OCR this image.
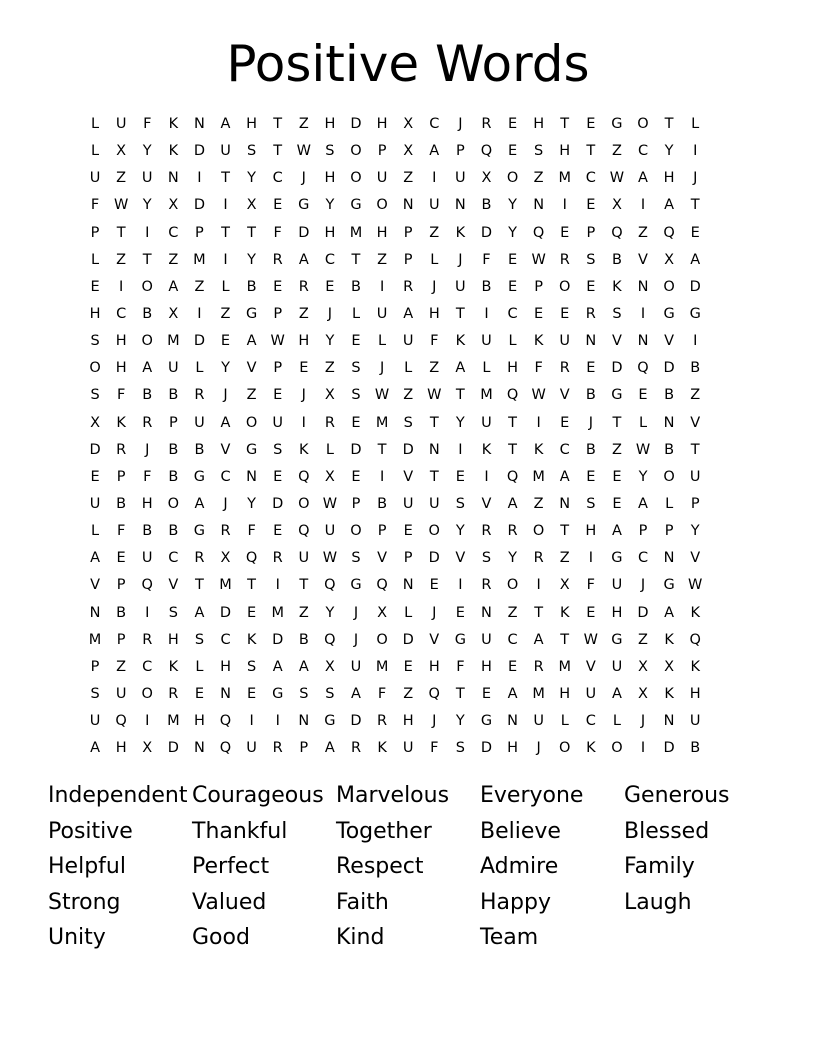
Positive Words
L U F K N A H T Z H D H X C J R E H T E G O T L
L X Y K D U S T W S O P X A P Q E S H T Z C Y I
U Z U N I T Y C J H O U Z I U X O Z M C W A H J
F W Y X D I X E G Y G O N U N B Y N I E X I A T
P T I C P T T F D H M H P Z K D Y Q E P Q Z Q E
L Z T Z M I Y R A C T Z P L J F E W R S B V X A
E I O A Z L B E R E B I R J U B E P O E K N O D
H C B X I Z G P Z J L U A H T I C E E R S I G G
S H O M D E A W H Y E L U F K U L K U N V N V I
O H A U L Y V P E Z S J L Z A L H F R E D Q D B
S F B B R J Z E J X S W Z W T M Q W V B G E B Z
X K R P U A O U I R E M S T Y U T I E J T L N V
D R J B B V G S K L D T D N I K T K C B Z W B T
E P F B G C N E Q X E I V T E I Q M A E E Y O U
U B H O A J Y D O W P B U U S V A Z N S E A L P
L F B B G R F E Q U O P E O Y R R O T H A P P Y
A E U C R X Q R U W S V P D V S Y R Z I G C N V
V P Q V T M T I T Q G Q N E I R O I X F U J G W
N B I S A D E M Z Y J X L J E N Z T K E H D A K
M P R H S C K D B Q J O D V G U C A T W G Z K Q
P Z C K L H S A A X U M E H F H E R M V U X X K
S U O R E N E G S S A F Z Q T E A M H U A X K H
U Q I M H Q I I N G D R H J Y G N U L C L J N U
A H X D N Q U R P A R K U F S D H J O K O I D B
Independent Courageous Marvelous	Everyone	Generous
Positive	Thankful	Together	Believe	Blessed
Helpful	Perfect	Respect	Admire	Family
Strong	Valued	Faith	Happy	Laugh
Unity	Good	Kind	Team
